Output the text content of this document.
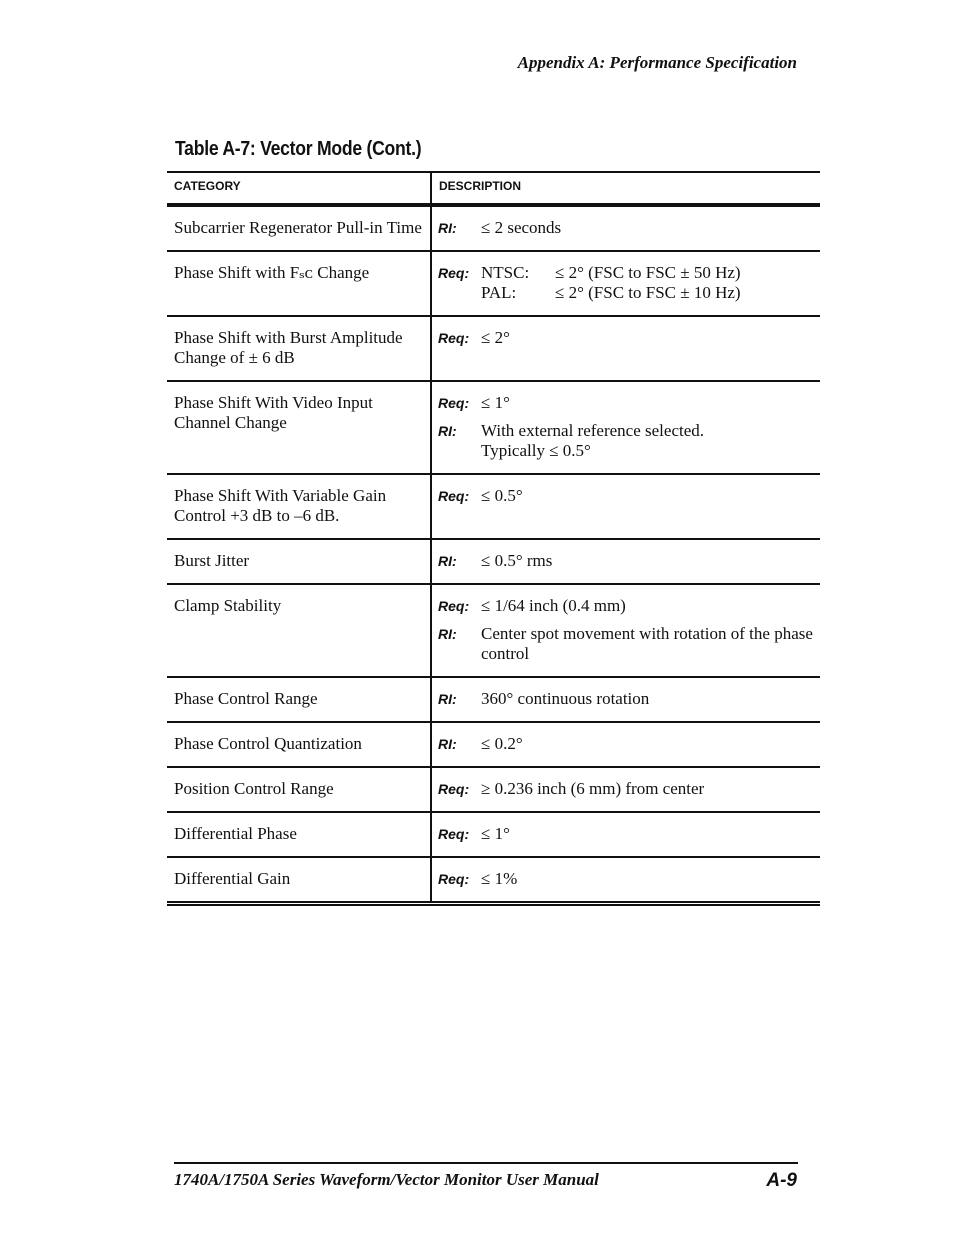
Appendix A: Performance Specification
Table A-7: Vector Mode (Cont.)
CATEGORY	DESCRIPTION

Subcarrier Regenerator Pull-in Time	RI: ≤ 2 seconds

Phase Shift with Fₛᴄ Change	Req: NTSC: ≤ 2° (FSC to FSC ± 50 Hz)
PAL: ≤ 2° (FSC to FSC ± 10 Hz)

Phase Shift with Burst Amplitude Change of ± 6 dB	Req: ≤ 2°

Phase Shift With Video Input Channel Change	Req: ≤ 1°
RI: With external reference selected.
Typically ≤ 0.5°

Phase Shift With Variable Gain Control +3 dB to –6 dB.	Req: ≤ 0.5°

Burst Jitter	RI: ≤ 0.5° rms

Clamp Stability	Req: ≤ 1/64 inch (0.4 mm)
RI: Center spot movement with rotation of the phase control

Phase Control Range	RI: 360° continuous rotation

Phase Control Quantization	RI: ≤ 0.2°

Position Control Range	Req: ≥ 0.236 inch (6 mm) from center

Differential Phase	Req: ≤ 1°

Differential Gain	Req: ≤ 1%
1740A/1750A Series Waveform/Vector Monitor User Manual	A-9
